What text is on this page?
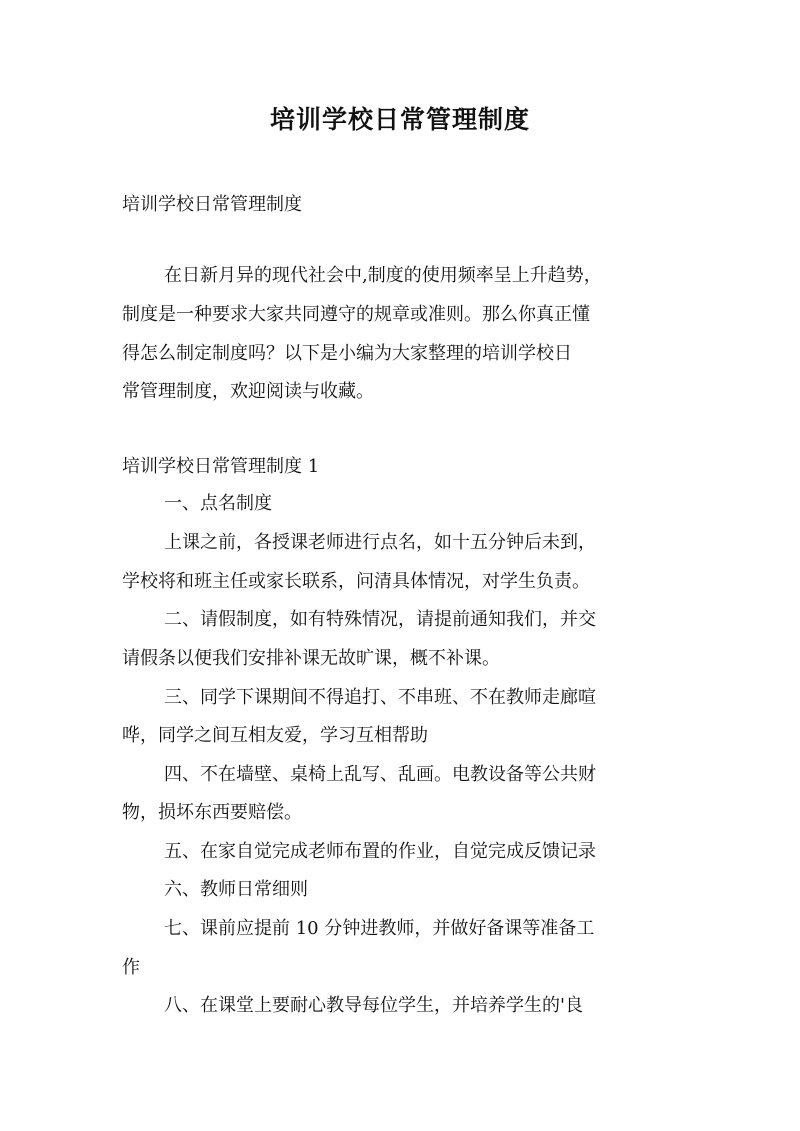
培训学校日常管理制度

培训学校日常管理制度

在日新月异的现代社会中,制度的使用频率呈上升趋势，

制度是一种要求大家共同遵守的规章或准则。那么你真正懂

得怎么制定制度吗？以下是小编为大家整理的培训学校日

常管理制度，欢迎阅读与收藏。

培训学校日常管理制度 1

一、点名制度

上课之前，各授课老师进行点名，如十五分钟后未到，

学校将和班主任或家长联系，问清具体情况，对学生负责。

二、请假制度，如有特殊情况，请提前通知我们，并交

请假条以便我们安排补课无故旷课，概不补课。

三、同学下课期间不得追打、不串班、不在教师走廊喧

哗，同学之间互相友爱，学习互相帮助

四、不在墙壁、桌椅上乱写、乱画。电教设备等公共财

物，损坏东西要赔偿。

五、在家自觉完成老师布置的作业，自觉完成反馈记录

六、教师日常细则

七、课前应提前 10 分钟进教师，并做好备课等准备工

作

八、在课堂上要耐心教导每位学生，并培养学生的'良
